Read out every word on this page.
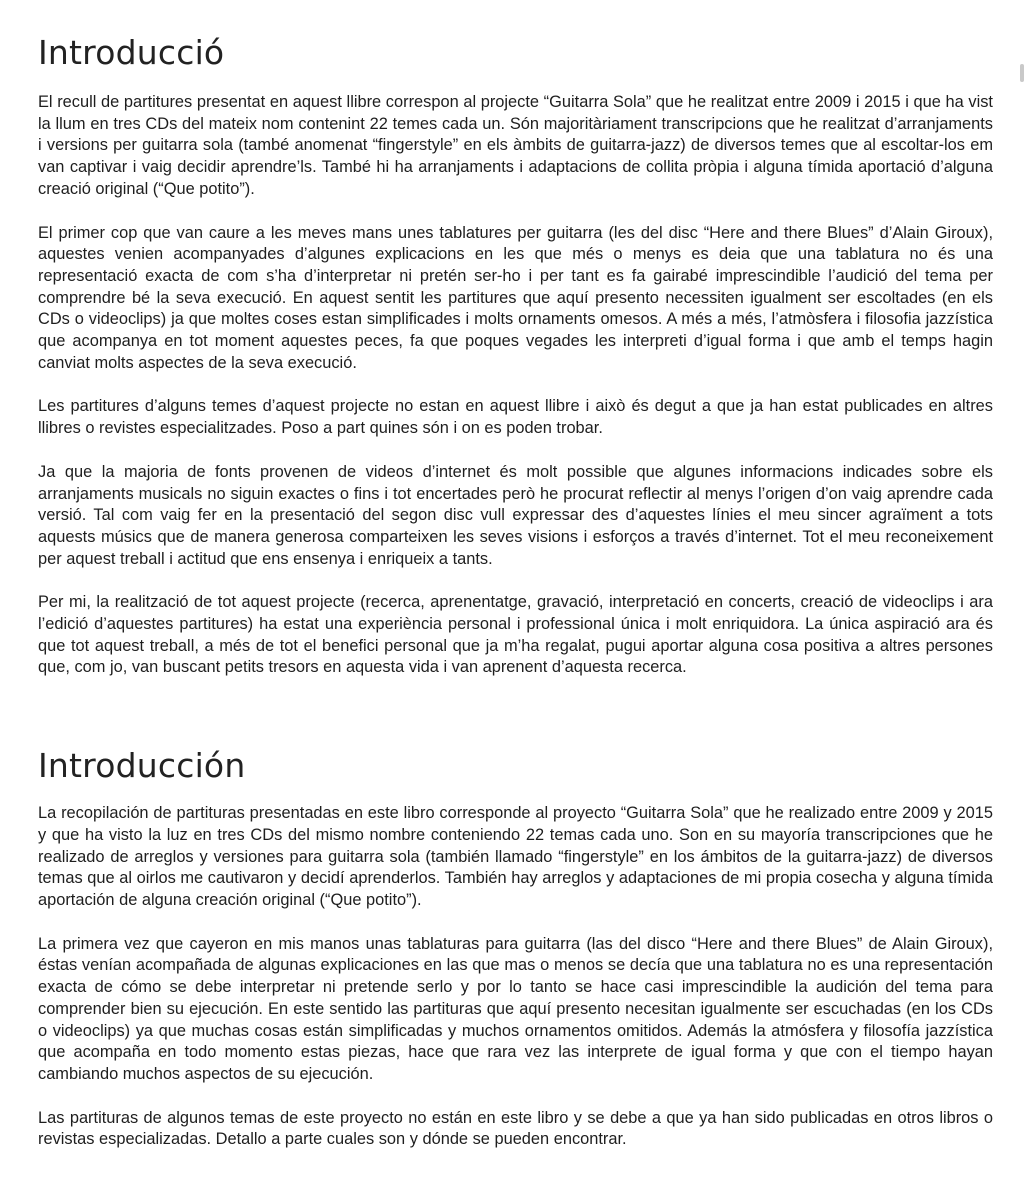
Introducció

El recull de partitures presentat en aquest llibre correspon al projecte “Guitarra Sola” que he realitzat entre 2009 i 2015 i que ha vist la llum en tres CDs del mateix nom contenint 22 temes cada un. Són majoritàriament transcripcions que he realitzat d’arranjaments i versions per guitarra sola (també anomenat “fingerstyle” en els àmbits de guitarra-jazz) de diversos temes que al escoltar-los em van captivar i vaig decidir aprendre’ls. També hi ha arranjaments i adaptacions de collita pròpia i alguna tímida aportació d’alguna creació original (“Que potito”).

El primer cop que van caure a les meves mans unes tablatures per guitarra (les del disc “Here and there Blues” d’Alain Giroux), aquestes venien acompanyades d’algunes explicacions en les que més o menys es deia que una tablatura no és una representació exacta de com s’ha d’interpretar ni pretén ser-ho i per tant es fa gairabé imprescindible l’audició del tema per comprendre bé la seva execució. En aquest sentit les partitures que aquí presento necessiten igualment ser escoltades (en els CDs o videoclips) ja que moltes coses estan simplificades i molts ornaments omesos. A més a més, l’atmòsfera i filosofia jazzística que acompanya en tot moment aquestes peces, fa que poques vegades les interpreti d’igual forma i que amb el temps hagin canviat molts aspectes de la seva execució.

Les partitures d’alguns temes d’aquest projecte no estan en aquest llibre i això és degut a que ja han estat publicades en altres llibres o revistes especialitzades. Poso a part quines són i on es poden trobar.

Ja que la majoria de fonts provenen de videos d’internet és molt possible que algunes informacions indicades sobre els arranjaments musicals no siguin exactes o fins i tot encertades però he procurat reflectir al menys l’origen d’on vaig aprendre cada versió. Tal com vaig fer en la presentació del segon disc vull expressar des d’aquestes línies el meu sincer agraïment a tots aquests músics que de manera generosa comparteixen les seves visions i esforços a través d’internet. Tot el meu reconeixement per aquest treball i actitud que ens ensenya i enriqueix a tants.

Per mi, la realització de tot aquest projecte (recerca, aprenentatge, gravació, interpretació en concerts, creació de videoclips i ara l’edició d’aquestes partitures) ha estat una experiència personal i professional única i molt enriquidora. La única aspiració ara és que tot aquest treball, a més de tot el benefici personal que ja m’ha regalat, pugui aportar alguna cosa positiva a altres persones que, com jo, van buscant petits tresors en aquesta vida i van aprenent d’aquesta recerca.

Introducción

La recopilación de partituras presentadas en este libro corresponde al proyecto “Guitarra Sola” que he realizado entre 2009 y 2015 y que ha visto la luz en tres CDs del mismo nombre conteniendo 22 temas cada uno. Son en su mayoría transcripciones que he realizado de arreglos y versiones para guitarra sola (también llamado “fingerstyle” en los ámbitos de la guitarra-jazz) de diversos temas que al oirlos me cautivaron y decidí aprenderlos. También hay arreglos y adaptaciones de mi propia cosecha y alguna tímida aportación de alguna creación original (“Que potito”).

La primera vez que cayeron en mis manos unas tablaturas para guitarra (las del disco “Here and there Blues” de Alain Giroux), éstas venían acompañada de algunas explicaciones en las que mas o menos se decía que una tablatura no es una representación exacta de cómo se debe interpretar ni pretende serlo y por lo tanto se hace casi imprescindible la audición del tema para comprender bien su ejecución. En este sentido las partituras que aquí presento necesitan igualmente ser escuchadas (en los CDs o videoclips) ya que muchas cosas están simplificadas y muchos ornamentos omitidos. Además la atmósfera y filosofía jazzística que acompaña en todo momento estas piezas, hace que rara vez las interprete de igual forma y que con el tiempo hayan cambiando muchos aspectos de su ejecución.

Las partituras de algunos temas de este proyecto no están en este libro y se debe a que ya han sido publicadas en otros libros o revistas especializadas. Detallo a parte cuales son y dónde se pueden encontrar.
